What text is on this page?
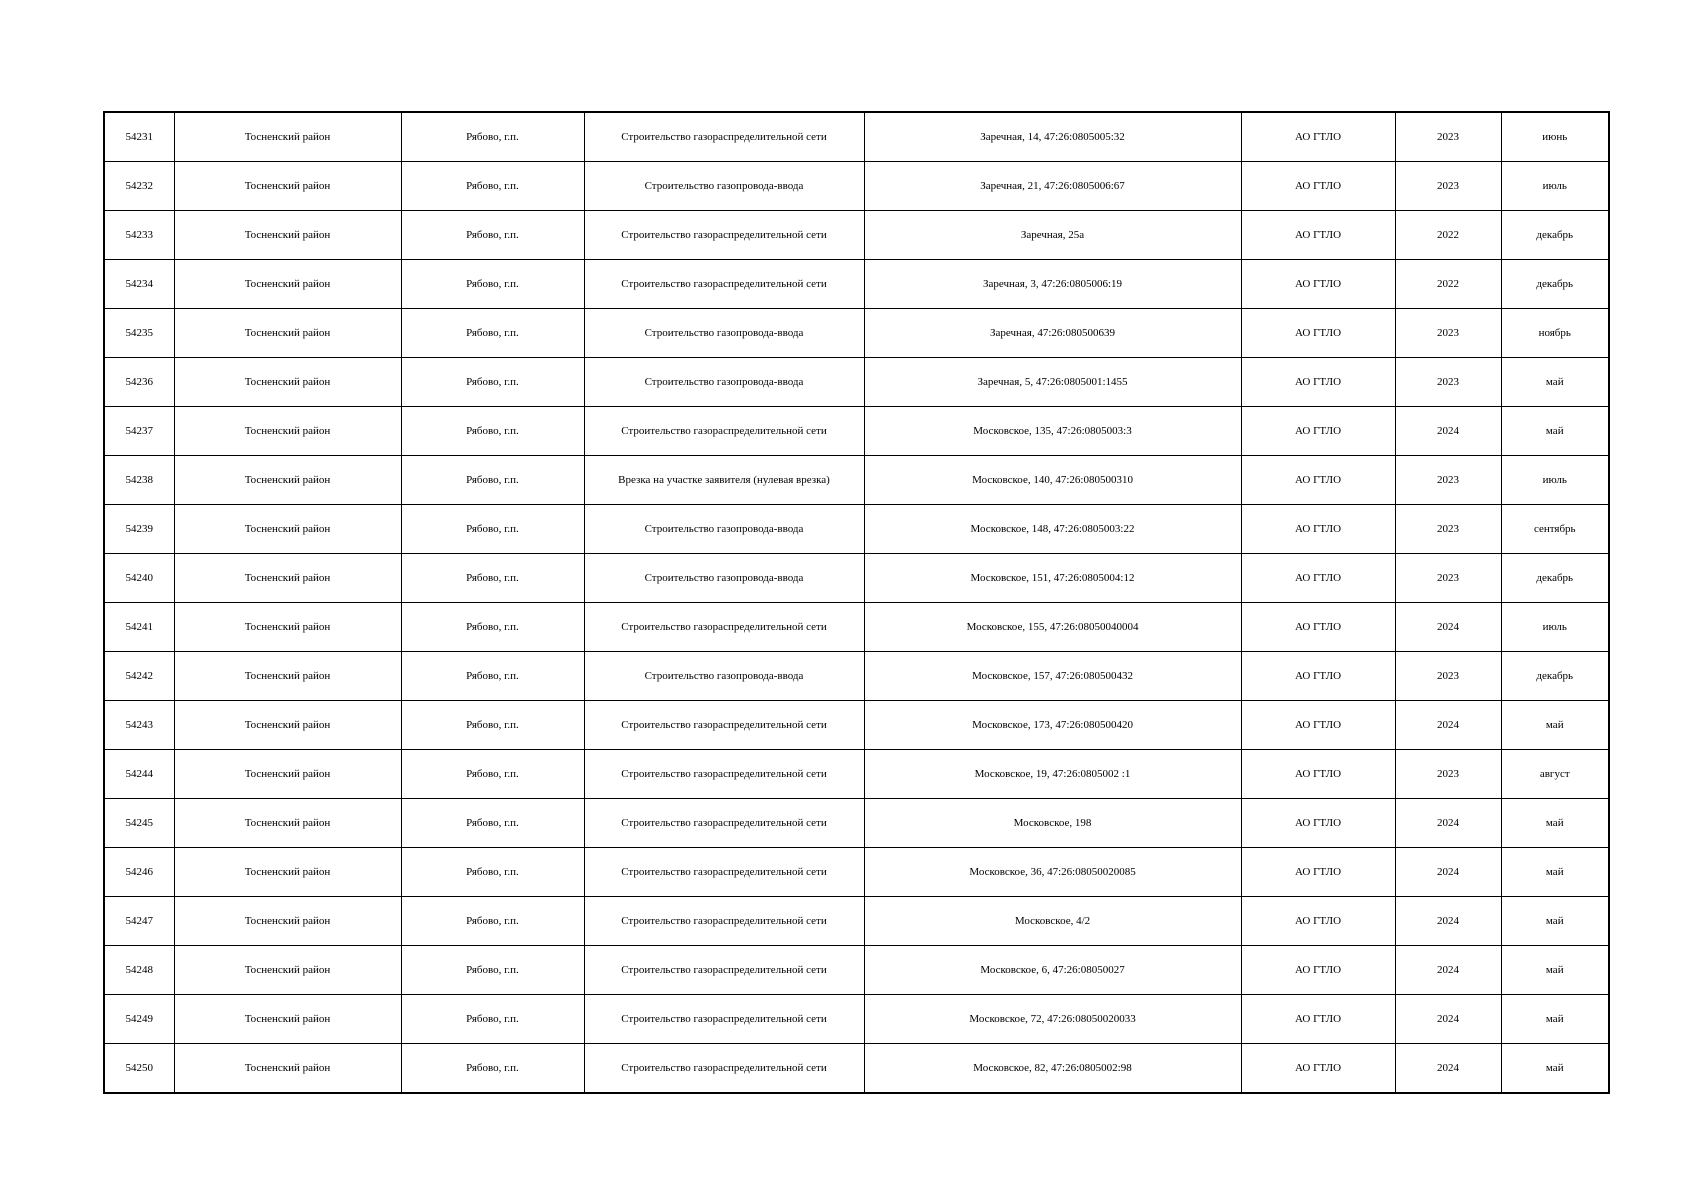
54231	Тосненский район	Рябово, г.п.	Строительство газораспределительной сети	Заречная, 14, 47:26:0805005:32	АО ГТЛО	2023	июнь
54232	Тосненский район	Рябово, г.п.	Строительство газопровода-ввода	Заречная, 21, 47:26:0805006:67	АО ГТЛО	2023	июль
54233	Тосненский район	Рябово, г.п.	Строительство газораспределительной сети	Заречная, 25а	АО ГТЛО	2022	декабрь
54234	Тосненский район	Рябово, г.п.	Строительство газораспределительной сети	Заречная, 3, 47:26:0805006:19	АО ГТЛО	2022	декабрь
54235	Тосненский район	Рябово, г.п.	Строительство газопровода-ввода	Заречная, 47:26:080500639	АО ГТЛО	2023	ноябрь
54236	Тосненский район	Рябово, г.п.	Строительство газопровода-ввода	Заречная, 5, 47:26:0805001:1455	АО ГТЛО	2023	май
54237	Тосненский район	Рябово, г.п.	Строительство газораспределительной сети	Московское, 135, 47:26:0805003:3	АО ГТЛО	2024	май
54238	Тосненский район	Рябово, г.п.	Врезка на участке заявителя (нулевая врезка)	Московское, 140, 47:26:080500310	АО ГТЛО	2023	июль
54239	Тосненский район	Рябово, г.п.	Строительство газопровода-ввода	Московское, 148, 47:26:0805003:22	АО ГТЛО	2023	сентябрь
54240	Тосненский район	Рябово, г.п.	Строительство газопровода-ввода	Московское, 151, 47:26:0805004:12	АО ГТЛО	2023	декабрь
54241	Тосненский район	Рябово, г.п.	Строительство газораспределительной сети	Московское, 155, 47:26:08050040004	АО ГТЛО	2024	июль
54242	Тосненский район	Рябово, г.п.	Строительство газопровода-ввода	Московское, 157, 47:26:080500432	АО ГТЛО	2023	декабрь
54243	Тосненский район	Рябово, г.п.	Строительство газораспределительной сети	Московское, 173, 47:26:080500420	АО ГТЛО	2024	май
54244	Тосненский район	Рябово, г.п.	Строительство газораспределительной сети	Московское, 19, 47:26:0805002 :1	АО ГТЛО	2023	август
54245	Тосненский район	Рябово, г.п.	Строительство газораспределительной сети	Московское, 198	АО ГТЛО	2024	май
54246	Тосненский район	Рябово, г.п.	Строительство газораспределительной сети	Московское, 36, 47:26:08050020085	АО ГТЛО	2024	май
54247	Тосненский район	Рябово, г.п.	Строительство газораспределительной сети	Московское, 4/2	АО ГТЛО	2024	май
54248	Тосненский район	Рябово, г.п.	Строительство газораспределительной сети	Московское, 6, 47:26:08050027	АО ГТЛО	2024	май
54249	Тосненский район	Рябово, г.п.	Строительство газораспределительной сети	Московское, 72, 47:26:08050020033	АО ГТЛО	2024	май
54250	Тосненский район	Рябово, г.п.	Строительство газораспределительной сети	Московское, 82, 47:26:0805002:98	АО ГТЛО	2024	май
